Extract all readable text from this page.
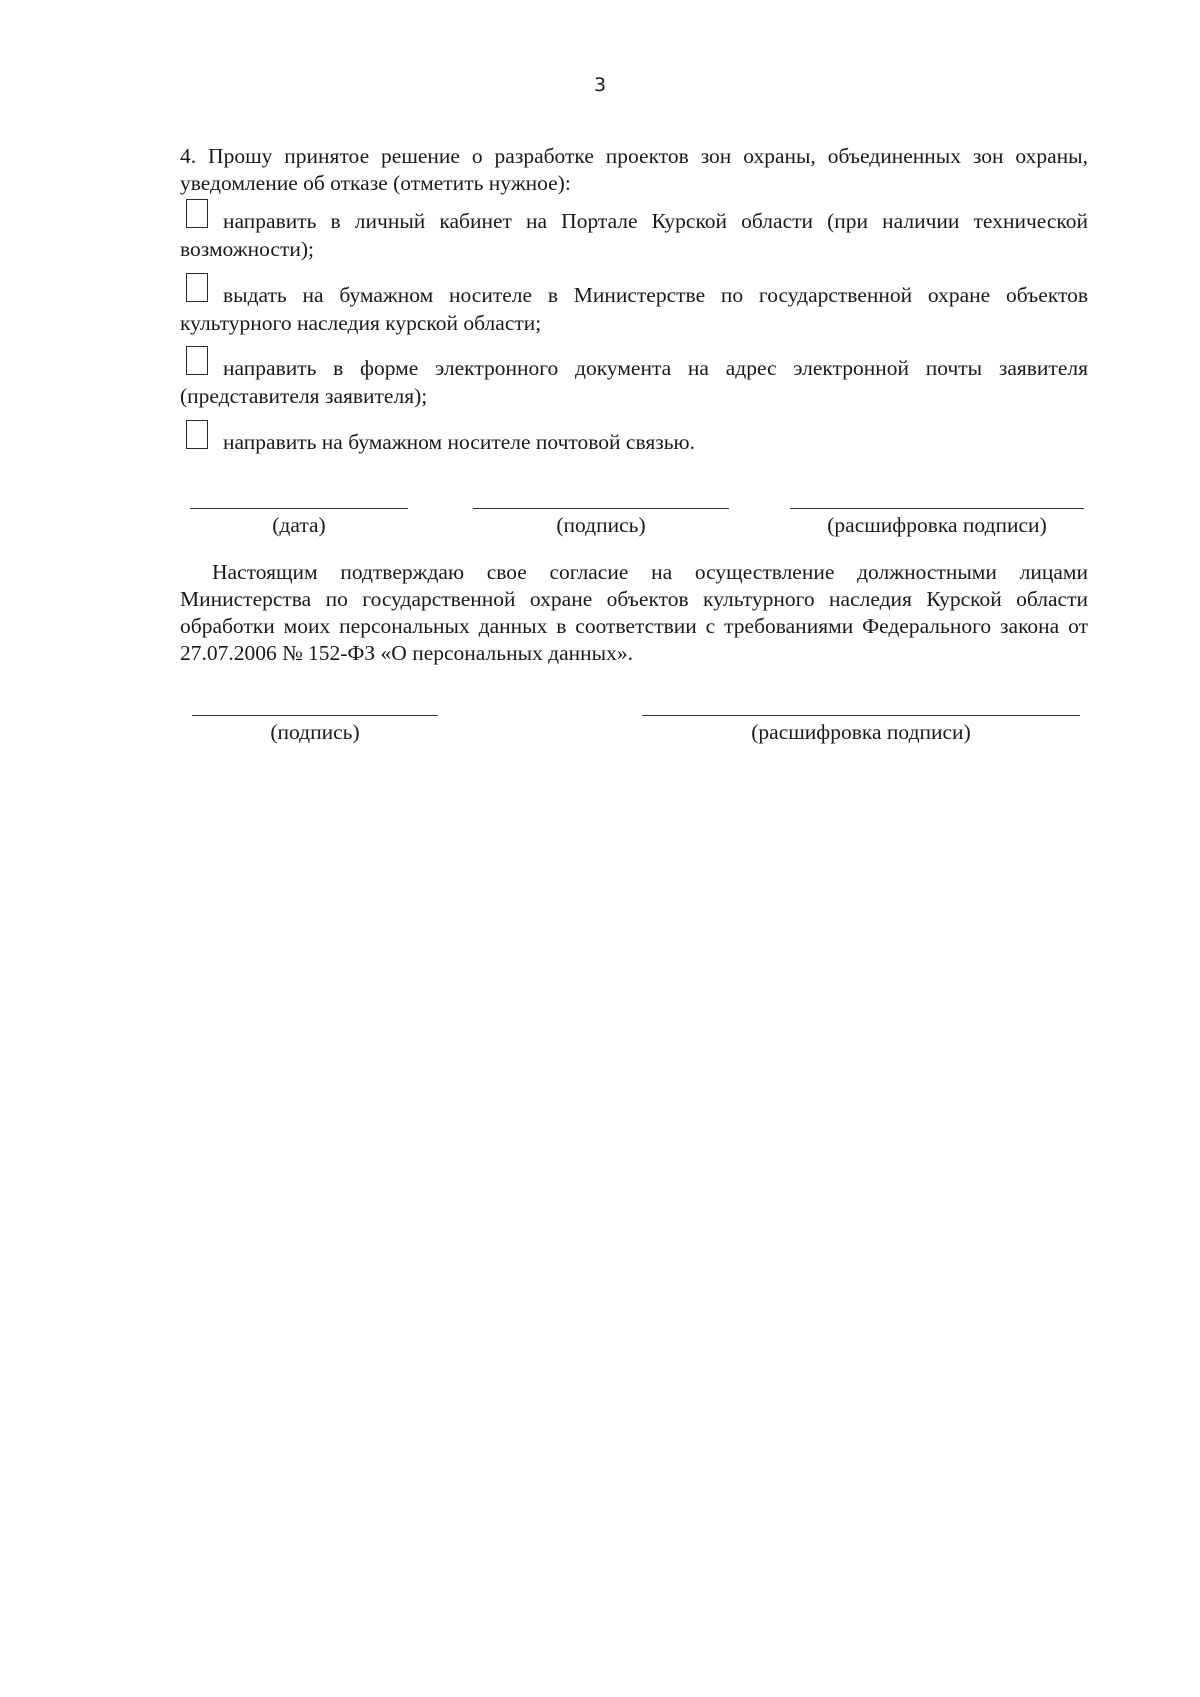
3
4. Прошу принятое решение о разработке проектов зон охраны, объединенных зон охраны, уведомление об отказе (отметить нужное):
направить в личный кабинет на Портале Курской области (при наличии технической возможности);
выдать на бумажном носителе в Министерстве по государственной охране объектов культурного наследия курской области;
направить в форме электронного документа на адрес электронной почты заявителя (представителя заявителя);
направить на бумажном носителе почтовой связью.
(дата)	(подпись)	(расшифровка подписи)
Настоящим подтверждаю свое согласие на осуществление должностными лицами Министерства по государственной охране объектов культурного наследия Курской области обработки моих персональных данных в соответствии с требованиями Федерального закона от 27.07.2006 № 152-ФЗ «О персональных данных».
(подпись)	(расшифровка подписи)
